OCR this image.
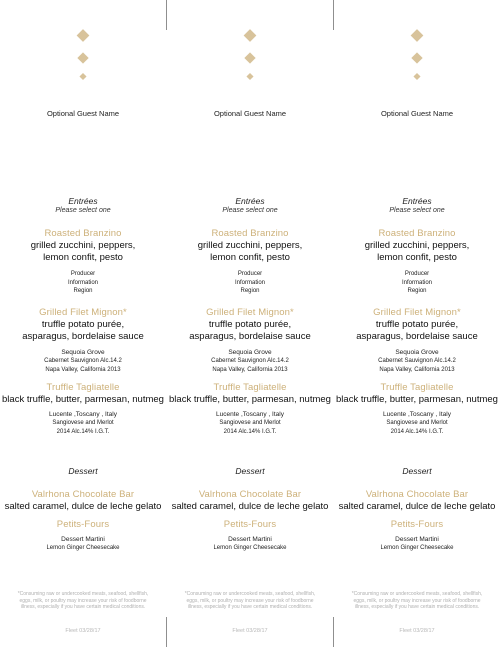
Optional Guest Name
Entrées
Please select one
Roasted Branzino
grilled zucchini, peppers,
lemon confit, pesto
Producer
Information
Region
Grilled Filet Mignon*
truffle potato purée,
asparagus, bordelaise sauce
Sequoia Grove
Cabernet Sauvignon Alc.14.2
Napa Valley, California 2013
Truffle Tagliatelle
black truffle, butter, parmesan, nutmeg
Lucente ,Toscany , Italy
Sangiovese and Merlot
2014 Alc.14% I.G.T.
Dessert
Valrhona Chocolate Bar
salted caramel, dulce de leche gelato
Petits-Fours
Dessert Martini
Lemon Ginger Cheesecake
*Consuming raw or undercooked meats, seafood, shellfish, eggs, milk, or poultry may increase your risk of foodborne illness, especially if you have certain medical conditions.
Fleet 03/28/17
Optional Guest Name
Entrées
Please select one
Roasted Branzino
grilled zucchini, peppers,
lemon confit, pesto
Producer
Information
Region
Grilled Filet Mignon*
truffle potato purée,
asparagus, bordelaise sauce
Sequoia Grove
Cabernet Sauvignon Alc.14.2
Napa Valley, California 2013
Truffle Tagliatelle
black truffle, butter, parmesan, nutmeg
Lucente ,Toscany , Italy
Sangiovese and Merlot
2014 Alc.14% I.G.T.
Dessert
Valrhona Chocolate Bar
salted caramel, dulce de leche gelato
Petits-Fours
Dessert Martini
Lemon Ginger Cheesecake
*Consuming raw or undercooked meats, seafood, shellfish, eggs, milk, or poultry may increase your risk of foodborne illness, especially if you have certain medical conditions.
Fleet 03/28/17
Optional Guest Name
Entrées
Please select one
Roasted Branzino
grilled zucchini, peppers,
lemon confit, pesto
Producer
Information
Region
Grilled Filet Mignon*
truffle potato purée,
asparagus, bordelaise sauce
Sequoia Grove
Cabernet Sauvignon Alc.14.2
Napa Valley, California 2013
Truffle Tagliatelle
black truffle, butter, parmesan, nutmeg
Lucente ,Toscany , Italy
Sangiovese and Merlot
2014 Alc.14% I.G.T.
Dessert
Valrhona Chocolate Bar
salted caramel, dulce de leche gelato
Petits-Fours
Dessert Martini
Lemon Ginger Cheesecake
*Consuming raw or undercooked meats, seafood, shellfish, eggs, milk, or poultry may increase your risk of foodborne illness, especially if you have certain medical conditions.
Fleet 03/28/17
